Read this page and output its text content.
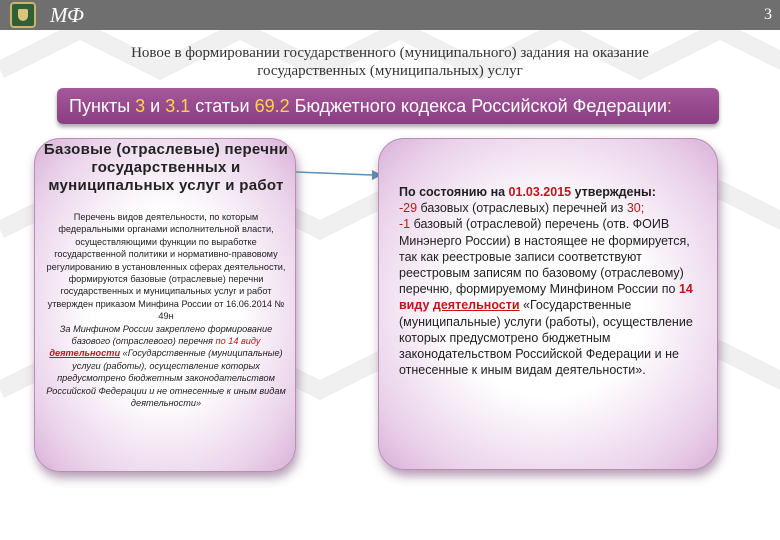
МФ	3
Новое в формировании государственного (муниципального) задания на оказание
государственных (муниципальных) услуг
Пункты 3 и 3.1 статьи 69.2 Бюджетного кодекса Российской Федерации:
Базовые (отраслевые) перечни государственных и муниципальных услуг и работ
Перечень видов деятельности, по которым федеральными органами исполнительной власти, осуществляющими функции по выработке государственной политики и нормативно-правовому регулированию в установленных сферах деятельности, формируются базовые (отраслевые) перечни государственных и муниципальных услуг и работ
утвержден приказом Минфина России от 16.06.2014 № 49н
За Минфином России закреплено формирование базового (отраслевого) перечня по 14 виду деятельности «Государственные (муниципальные) услуги (работы), осуществление которых предусмотрено бюджетным законодательством Российской Федерации и не отнесенные к иным видам деятельности»
По состоянию на 01.03.2015 утверждены:
-29 базовых (отраслевых) перечней из 30;
-1 базовый (отраслевой) перечень (отв. ФОИВ Минэнерго России) в настоящее не формируется, так как реестровые записи соответствуют реестровым записям по базовому (отраслевому) перечню, формируемому Минфином России по 14 виду деятельности «Государственные (муниципальные) услуги (работы), осуществление которых предусмотрено бюджетным законодательством Российской Федерации и не отнесенные к иным видам деятельности».
